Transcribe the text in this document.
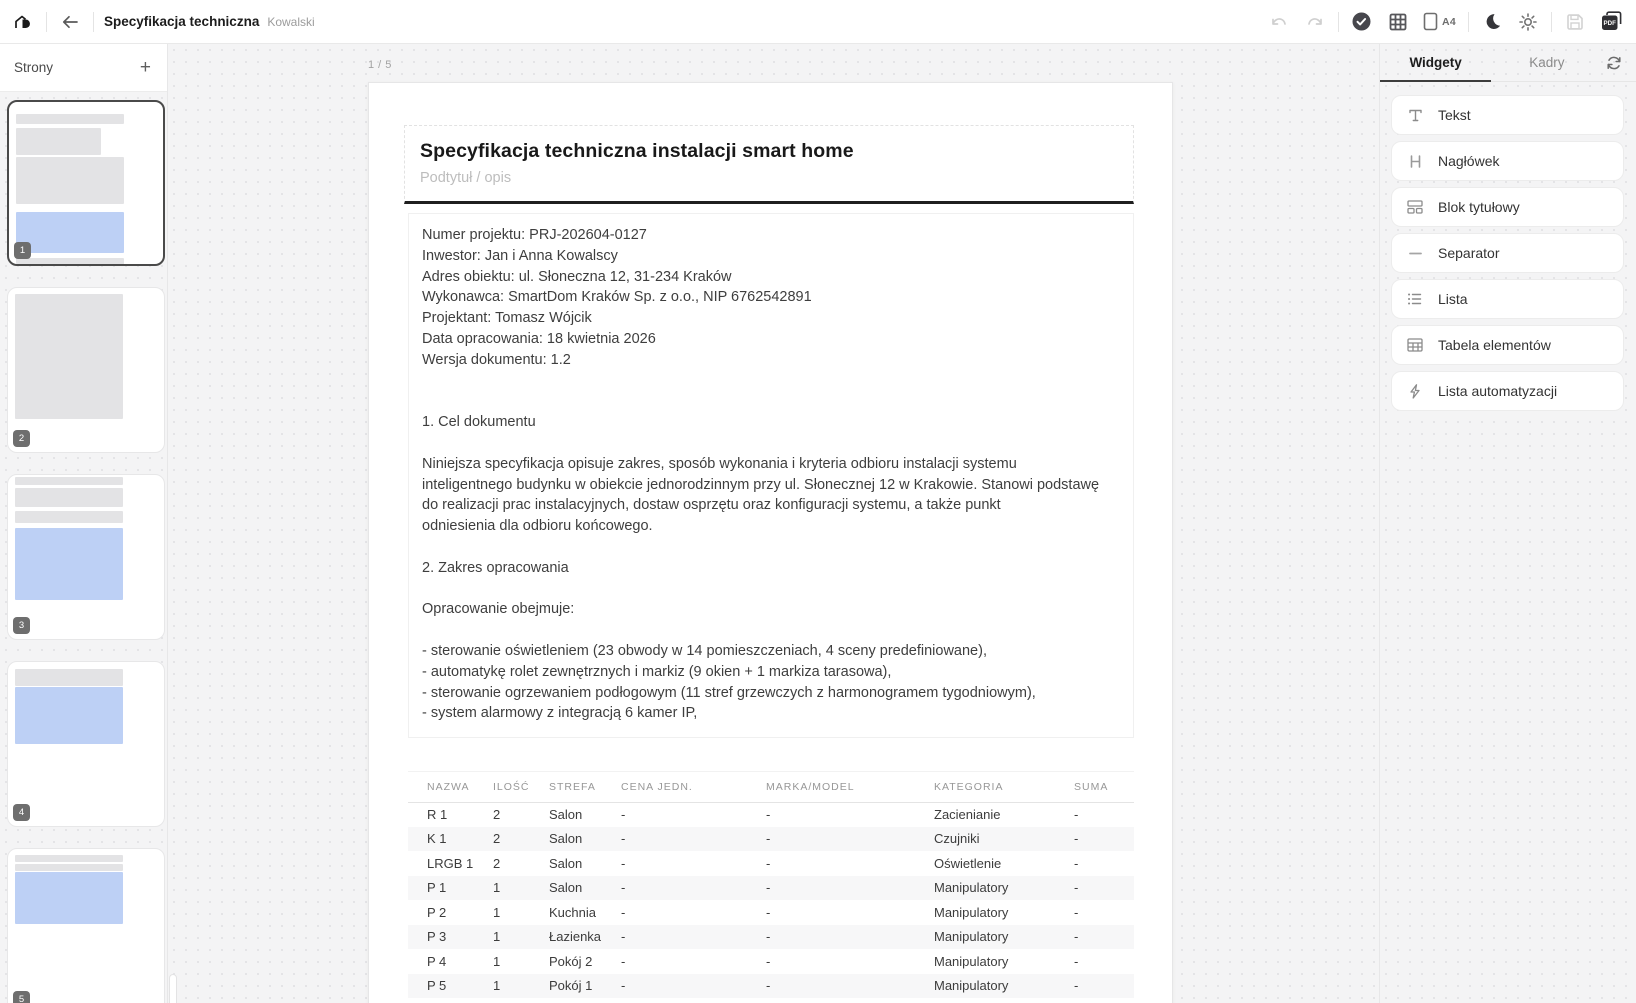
Specyfikacja techniczna Kowalski	A4	PDF
Strony	+
1
2
3
4
5
1 / 5
Specyfikacja techniczna instalacji smart home
Podtytuł / opis
Numer projektu: PRJ-202604-0127
Inwestor: Jan i Anna Kowalscy
Adres obiektu: ul. Słoneczna 12, 31-234 Kraków
Wykonawca: SmartDom Kraków Sp. z o.o., NIP 6762542891
Projektant: Tomasz Wójcik
Data opracowania: 18 kwietnia 2026
Wersja dokumentu: 1.2
1. Cel dokumentu
Niniejsza specyfikacja opisuje zakres, sposób wykonania i kryteria odbioru instalacji systemu
inteligentnego budynku w obiekcie jednorodzinnym przy ul. Słonecznej 12 w Krakowie. Stanowi podstawę
do realizacji prac instalacyjnych, dostaw osprzętu oraz konfiguracji systemu, a także punkt
odniesienia dla odbioru końcowego.
2. Zakres opracowania
Opracowanie obejmuje:
- sterowanie oświetleniem (23 obwody w 14 pomieszczeniach, 4 sceny predefiniowane),
- automatykę rolet zewnętrznych i markiz (9 okien + 1 markiza tarasowa),
- sterowanie ogrzewaniem podłogowym (11 stref grzewczych z harmonogramem tygodniowym),
- system alarmowy z integracją 6 kamer IP,
NAZWA	ILOŚĆ	STREFA	CENA JEDN.	MARKA/MODEL	KATEGORIA	SUMA
R 1	2	Salon	-	-	Zacienianie	-
K 1	2	Salon	-	-	Czujniki	-
LRGB 1	2	Salon	-	-	Oświetlenie	-
P 1	1	Salon	-	-	Manipulatory	-
P 2	1	Kuchnia	-	-	Manipulatory	-
P 3	1	Łazienka	-	-	Manipulatory	-
P 4	1	Pokój 2	-	-	Manipulatory	-
P 5	1	Pokój 1	-	-	Manipulatory	-
Widgety	Kadry
Tekst
Nagłówek
Blok tytułowy
Separator
Lista
Tabela elementów
Lista automatyzacji
